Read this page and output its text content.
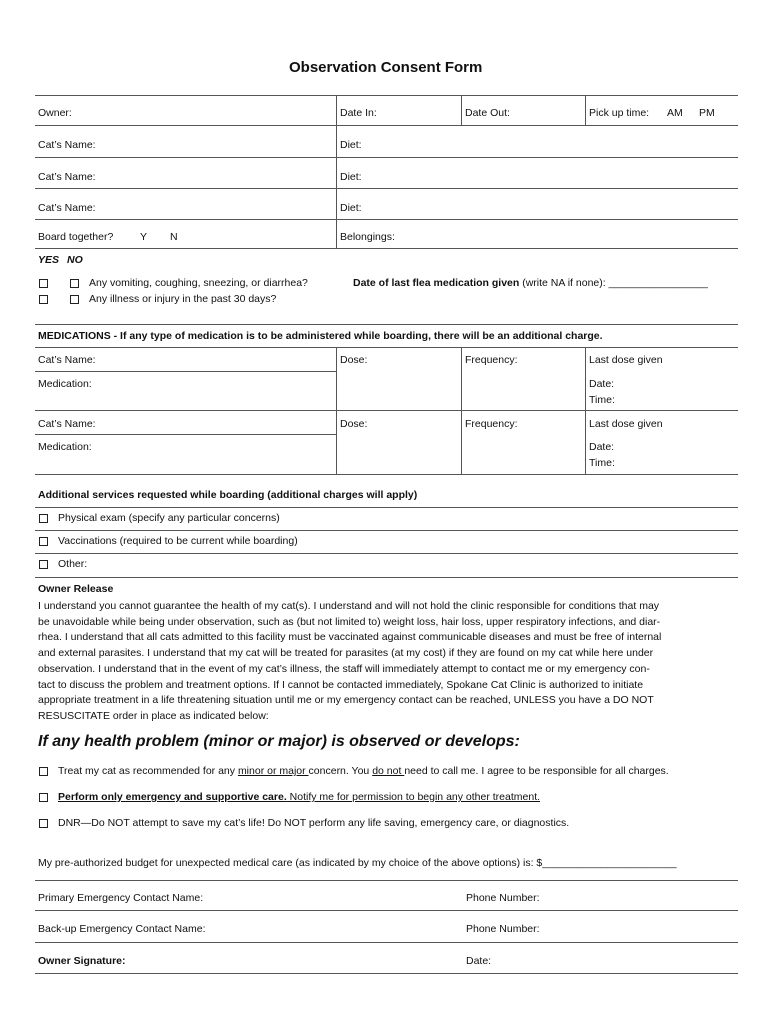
Observation Consent Form
Owner:	Date In:	Date Out:	Pick up time: AM PM
Cat’s Name:	Diet:
Cat’s Name:	Diet:
Cat’s Name:	Diet:
Board together?	Y N	Belongings:
YES NO
Any vomiting, coughing, sneezing, or diarrhea?
Any illness or injury in the past 30 days?
Date of last flea medication given (write NA if none): _________________
MEDICATIONS - If any type of medication is to be administered while boarding, there will be an additional charge.
Cat’s Name:	Dose:	Frequency:	Last dose given
Medication:	Date:
Time:
Cat’s Name:	Dose:	Frequency:	Last dose given
Medication:	Date:
Time:
Additional services requested while boarding (additional charges will apply)
Physical exam (specify any particular concerns)
Vaccinations (required to be current while boarding)
Other:
Owner Release
I understand you cannot guarantee the health of my cat(s). I understand and will not hold the clinic responsible for conditions that may
be unavoidable while being under observation, such as (but not limited to) weight loss, hair loss, upper respiratory infections, and diar-
rhea. I understand that all cats admitted to this facility must be vaccinated against communicable diseases and must be free of internal
and external parasites. I understand that my cat will be treated for parasites (at my cost) if they are found on my cat while here under
observation. I understand that in the event of my cat’s illness, the staff will immediately attempt to contact me or my emergency con-
tact to discuss the problem and treatment options. If I cannot be contacted immediately, Spokane Cat Clinic is authorized to initiate
appropriate treatment in a life threatening situation until me or my emergency contact can be reached, UNLESS you have a DO NOT
RESUSCITATE order in place as indicated below:
If any health problem (minor or major) is observed or develops:
Treat my cat as recommended for any minor or major concern. You do not need to call me. I agree to be responsible for all charges.
Perform only emergency and supportive care. Notify me for permission to begin any other treatment.
DNR—Do NOT attempt to save my cat’s life! Do NOT perform any life saving, emergency care, or diagnostics.
My pre-authorized budget for unexpected medical care (as indicated by my choice of the above options) is: $_______________________
Primary Emergency Contact Name:	Phone Number:
Back-up Emergency Contact Name:	Phone Number:
Owner Signature:	Date:
